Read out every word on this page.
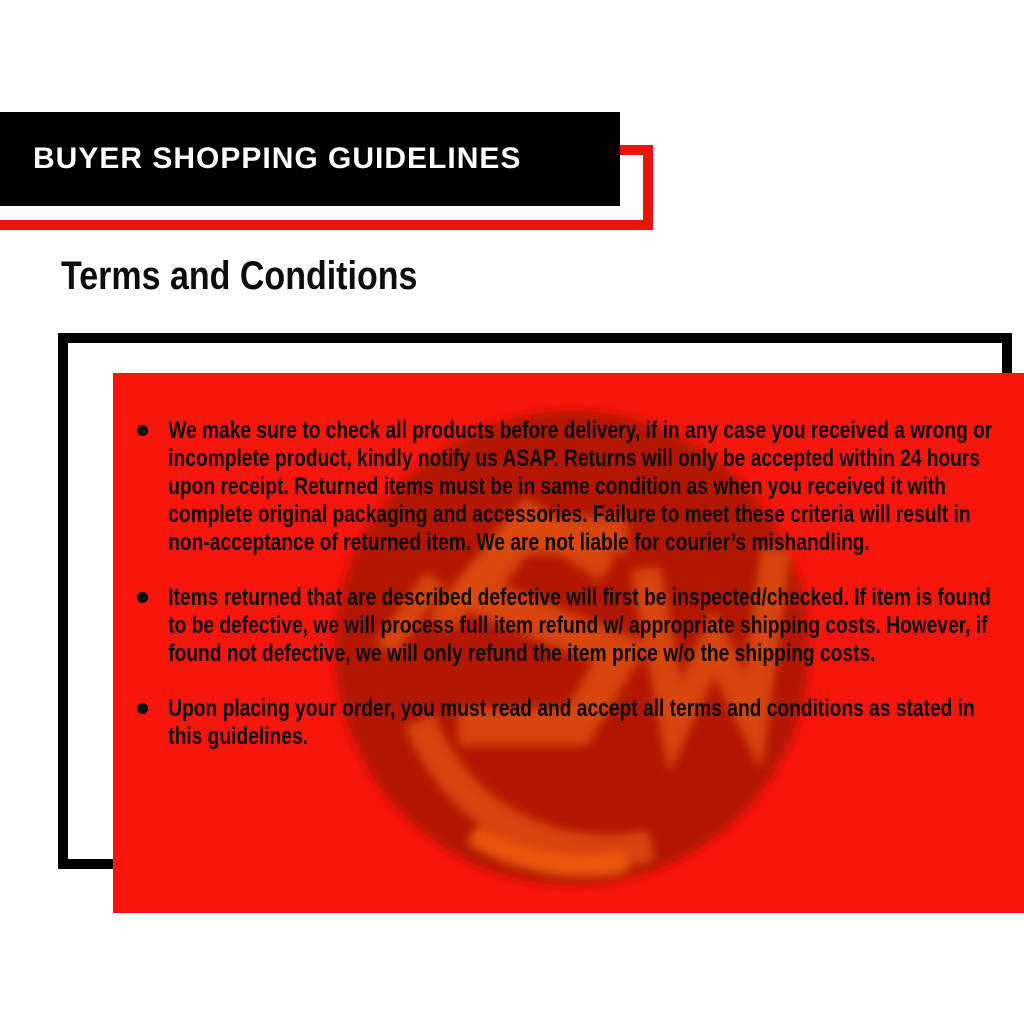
BUYER SHOPPING GUIDELINES
Terms and Conditions

We make sure to check all products before delivery, if in any case you received a wrong or incomplete product, kindly notify us ASAP. Returns will only be accepted within 24 hours upon receipt. Returned items must be in same condition as when you received it with complete original packaging and accessories. Failure to meet these criteria will result in non-acceptance of returned item. We are not liable for courier’s mishandling.

Items returned that are described defective will first be inspected/checked. If item is found to be defective, we will process full item refund w/ appropriate shipping costs. However, if found not defective, we will only refund the item price w/o the shipping costs.

Upon placing your order, you must read and accept all terms and conditions as stated in this guidelines.
